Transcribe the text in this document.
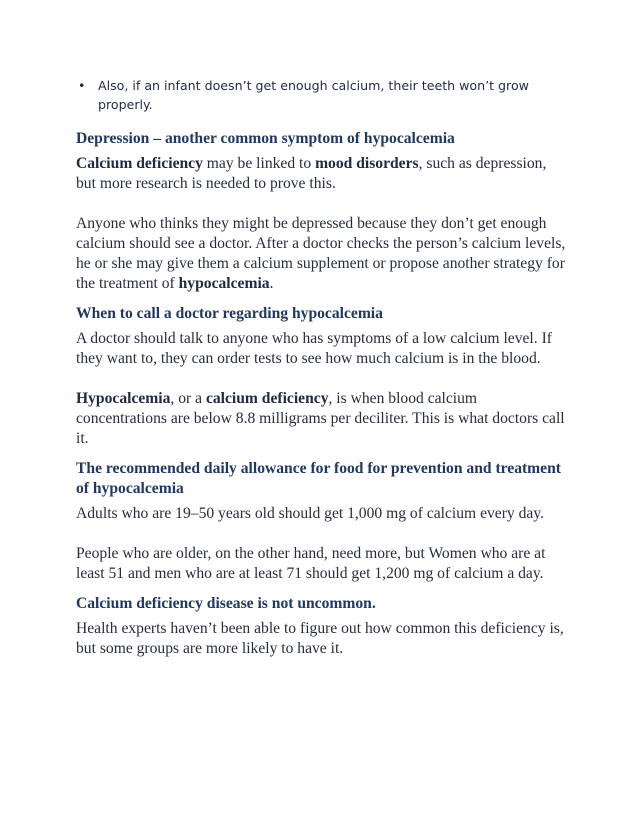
• Also, if an infant doesn’t get enough calcium, their teeth won’t grow properly.
Depression – another common symptom of hypocalcemia
Calcium deficiency may be linked to mood disorders, such as depression, but more research is needed to prove this.
Anyone who thinks they might be depressed because they don’t get enough calcium should see a doctor. After a doctor checks the person’s calcium levels, he or she may give them a calcium supplement or propose another strategy for the treatment of hypocalcemia.
When to call a doctor regarding hypocalcemia
A doctor should talk to anyone who has symptoms of a low calcium level. If they want to, they can order tests to see how much calcium is in the blood.
Hypocalcemia, or a calcium deficiency, is when blood calcium concentrations are below 8.8 milligrams per deciliter. This is what doctors call it.
The recommended daily allowance for food for prevention and treatment of hypocalcemia
Adults who are 19–50 years old should get 1,000 mg of calcium every day.
People who are older, on the other hand, need more, but Women who are at least 51 and men who are at least 71 should get 1,200 mg of calcium a day.
Calcium deficiency disease is not uncommon.
Health experts haven’t been able to figure out how common this deficiency is, but some groups are more likely to have it.
